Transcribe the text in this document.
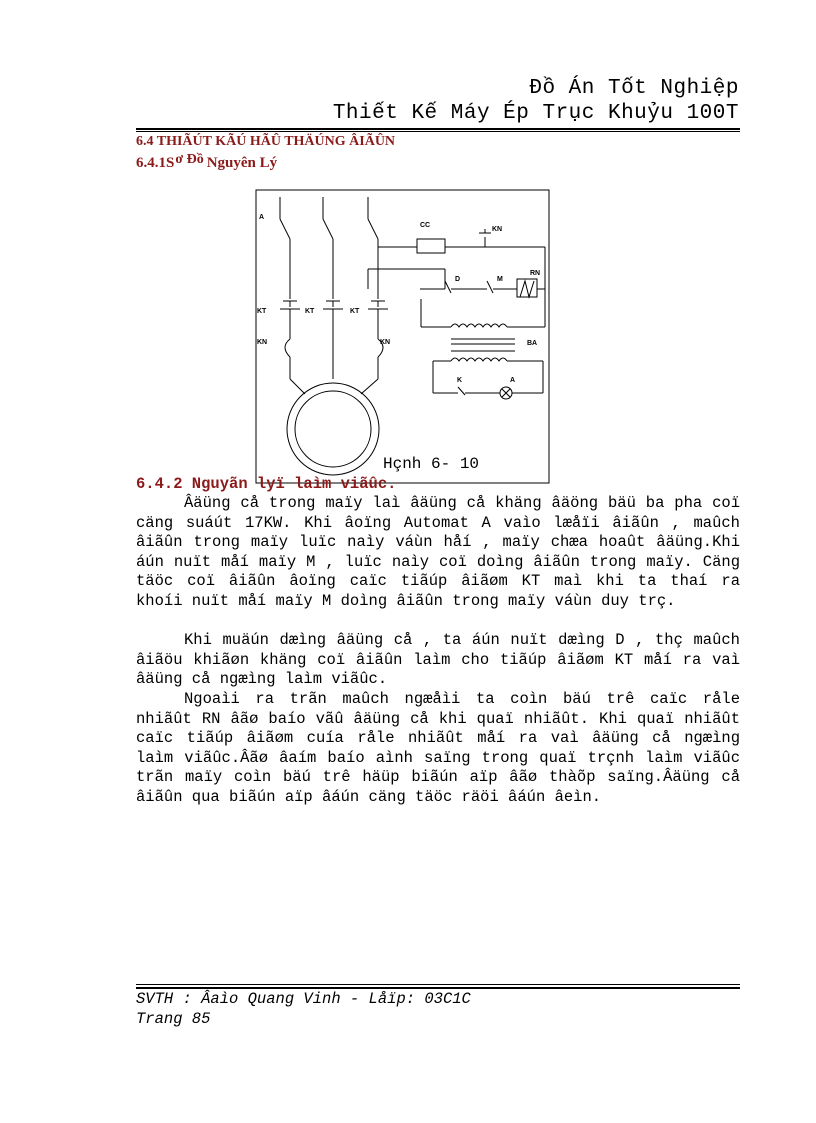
Đồ Án Tốt Nghiệp
Thiết Kế Máy Ép Trục Khuỷu 100T
6.4 THIÃÚT KÃÚ HÃÛ THÄÚNG ÂIÃÛN
6.4.1Sơ Đồ Nguyên Lý
A
CC
KN
D	M
RN
KT	KT	KT
KN	KN	BA
K	A
Hçnh 6- 10
6.4.2 Nguyãn lyï laìm viãûc.

Âäüng cå trong maïy laì âäüng cå khäng âäöng bäü ba pha coï cäng suáút 17KW. Khi âoïng Automat A vaìo læåïi âiãûn , maûch âiãûn trong maïy luïc naìy váùn håí , maïy chæa hoaût âäüng.Khi áún nuït måí maïy M , luïc naìy coï doìng âiãûn trong maïy. Cäng täöc coï âiãûn âoïng caïc tiãúp âiãøm KT maì khi ta thaí ra khoíi nuït måí maïy M doìng âiãûn trong maïy váùn duy trç.

Khi muäún dæìng âäüng cå , ta áún nuït dæìng D , thç maûch âiãöu khiãøn khäng coï âiãûn laìm cho tiãúp âiãøm KT måí ra vaì âäüng cå ngæìng laìm viãûc.

Ngoaìi ra trãn maûch ngæåìi ta coìn bäú trê caïc råle nhiãût RN âãø baío vãû âäüng cå khi quaï nhiãût. Khi quaï nhiãût caïc tiãúp âiãøm cuía råle nhiãût måí ra vaì âäüng cå ngæìng laìm viãûc.Âãø âaím baío aình saïng trong quaï trçnh laìm viãûc trãn maïy coìn bäú trê häüp biãún aïp âãø thàõp saïng.Âäüng cå âiãûn qua biãún aïp âáún cäng täöc räöi âáún âeìn.

SVTH : Âaìo Quang Vinh - Låïp: 03C1C
Trang 85
